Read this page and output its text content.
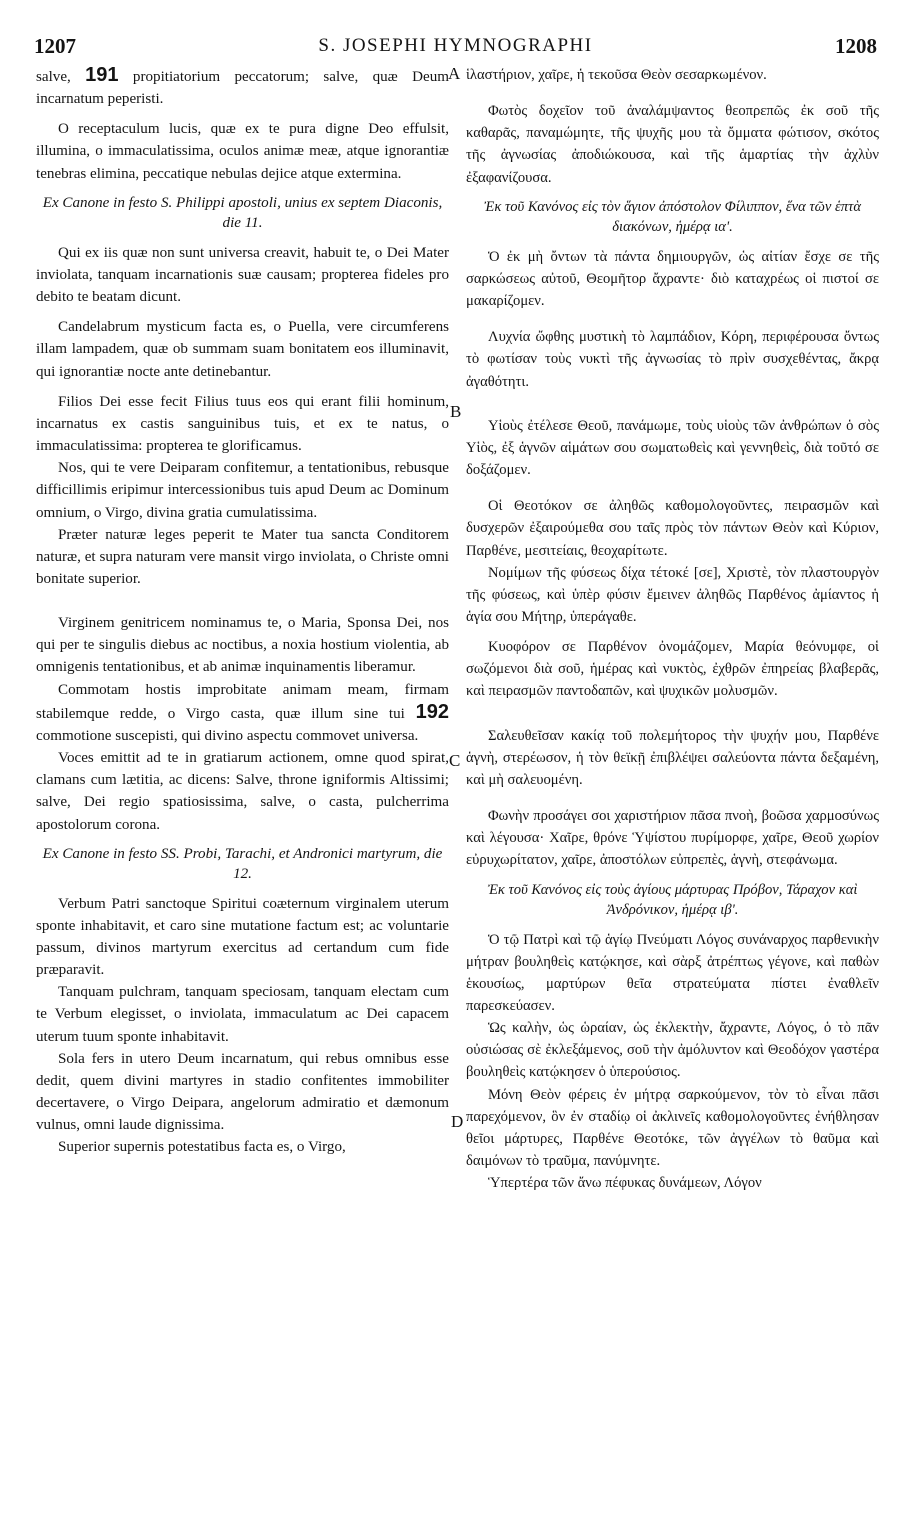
1207	S. JOSEPHI HYMNOGRAPHI	1208
A
B
C
D

salve, 191 propitiatorium peccatorum; salve, quæ Deum incarnatum peperisti.

O receptaculum lucis, quæ ex te pura digne Deo effulsit, illumina, o immaculatissima, oculos animæ meæ, atque ignorantiæ tenebras elimina, peccatique nebulas dejice atque extermina.

Ex Canone in festo S. Philippi apostoli, unius ex septem Diaconis, die 11.

Qui ex iis quæ non sunt universa creavit, habuit te, o Dei Mater inviolata, tanquam incarnationis suæ causam; propterea fideles pro debito te beatam dicunt.

Candelabrum mysticum facta es, o Puella, vere circumferens illam lampadem, quæ ob summam suam bonitatem eos illuminavit, qui ignorantiæ nocte ante detinebantur.

Filios Dei esse fecit Filius tuus eos qui erant filii hominum, incarnatus ex castis sanguinibus tuis, et ex te natus, o immaculatissima: propterea te glorificamus.

Nos, qui te vere Deiparam confitemur, a tentationibus, rebusque difficillimis eripimur intercessionibus tuis apud Deum ac Dominum omnium, o Virgo, divina gratia cumulatissima.

Præter naturæ leges peperit te Mater tua sancta Conditorem naturæ, et supra naturam vere mansit virgo inviolata, o Christe omni bonitate superior.

Virginem genitricem nominamus te, o Maria, Sponsa Dei, nos qui per te singulis diebus ac noctibus, a noxia hostium violentia, ab omnigenis tentationibus, et ab animæ inquinamentis liberamur.

Commotam hostis improbitate animam meam, firmam stabilemque redde, o Virgo casta, quæ illum sine tui 192 commotione suscepisti, qui divino aspectu commovet universa.

Voces emittit ad te in gratiarum actionem, omne quod spirat, clamans cum lætitia, ac dicens: Salve, throne igniformis Altissimi; salve, Dei regio spatiosissima, salve, o casta, pulcherrima apostolorum corona.

Ex Canone in festo SS. Probi, Tarachi, et Andronici martyrum, die 12.

Verbum Patri sanctoque Spiritui coæternum virginalem uterum sponte inhabitavit, et caro sine mutatione factum est; ac voluntarie passum, divinos martyrum exercitus ad certandum cum fide præparavit.

Tanquam pulchram, tanquam speciosam, tanquam electam cum te Verbum elegisset, o inviolata, immaculatum ac Dei capacem uterum tuum sponte inhabitavit.

Sola fers in utero Deum incarnatum, qui rebus omnibus esse dedit, quem divini martyres in stadio confitentes immobiliter decertavere, o Virgo Deipara, angelorum admiratio et dæmonum vulnus, omni laude dignissima.

Superior supernis potestatibus facta es, o Virgo,

ἱλαστήριον, χαῖρε, ἡ τεκοῦσα Θεὸν σεσαρκωμένον.

Φωτὸς δοχεῖον τοῦ ἀναλάμψαντος θεοπρεπῶς ἐκ σοῦ τῆς καθαρᾶς, παναμώμητε, τῆς ψυχῆς μου τὰ ὄμματα φώτισον, σκότος τῆς ἀγνωσίας ἀποδιώκουσα, καὶ τῆς ἁμαρτίας τὴν ἀχλὺν ἐξαφανίζουσα.

Ἐκ τοῦ Κανόνος εἰς τὸν ἅγιον ἀπόστολον Φίλιππον, ἕνα τῶν ἑπτὰ διακόνων, ἡμέρᾳ ια'.

Ὁ ἐκ μὴ ὄντων τὰ πάντα δημιουργῶν, ὡς αἰτίαν ἔσχε σε τῆς σαρκώσεως αὐτοῦ, Θεομῆτορ ἄχραντε· διὸ καταχρέως οἱ πιστοί σε μακαρίζομεν.

Λυχνία ὤφθης μυστικὴ τὸ λαμπάδιον, Κόρη, περιφέρουσα ὄντως τὸ φωτίσαν τοὺς νυκτὶ τῆς ἀγνωσίας τὸ πρὶν συσχεθέντας, ἄκρᾳ ἀγαθότητι.

Υἱοὺς ἐτέλεσε Θεοῦ, πανάμωμε, τοὺς υἱοὺς τῶν ἀνθρώπων ὁ σὸς Υἱὸς, ἐξ ἁγνῶν αἱμάτων σου σωματωθεὶς καὶ γεννηθεὶς, διὰ τοῦτό σε δοξάζομεν.

Οἱ Θεοτόκον σε ἀληθῶς καθομολογοῦντες, πειρασμῶν καὶ δυσχερῶν ἐξαιρούμεθα σου ταῖς πρὸς τὸν πάντων Θεὸν καὶ Κύριον, Παρθένε, μεσιτείαις, θεοχαρίτωτε.

Νομίμων τῆς φύσεως δίχα τέτοκέ [σε], Χριστὲ, τὸν πλαστουργὸν τῆς φύσεως, καὶ ὑπὲρ φύσιν ἔμεινεν ἀληθῶς Παρθένος ἀμίαντος ἡ ἁγία σου Μήτηρ, ὑπεράγαθε.

Κυοφόρον σε Παρθένον ὀνομάζομεν, Μαρία θεόνυμφε, οἱ σωζόμενοι διὰ σοῦ, ἡμέρας καὶ νυκτὸς, ἐχθρῶν ἐπηρείας βλαβερᾶς, καὶ πειρασμῶν παντοδαπῶν, καὶ ψυχικῶν μολυσμῶν.

Σαλευθεῖσαν κακίᾳ τοῦ πολεμήτορος τὴν ψυχήν μου, Παρθένε ἁγνὴ, στερέωσον, ἡ τὸν θεϊκῇ ἐπιβλέψει σαλεύοντα πάντα δεξαμένη, καὶ μὴ σαλευομένη.

Φωνὴν προσάγει σοι χαριστήριον πᾶσα πνοὴ, βοῶσα χαρμοσύνως καὶ λέγουσα· Χαῖρε, θρόνε Ὑψίστου πυρίμορφε, χαῖρε, Θεοῦ χωρίον εὐρυχωρίτατον, χαῖρε, ἀποστόλων εὐπρεπὲς, ἁγνὴ, στεφάνωμα.

Ἐκ τοῦ Κανόνος εἰς τοὺς ἁγίους μάρτυρας Πρόβον, Τάραχον καὶ Ἀνδρόνικον, ἡμέρᾳ ιβ'.

Ὁ τῷ Πατρὶ καὶ τῷ ἁγίῳ Πνεύματι Λόγος συνάναρχος παρθενικὴν μήτραν βουληθεὶς κατῴκησε, καὶ σὰρξ ἀτρέπτως γέγονε, καὶ παθὼν ἑκουσίως, μαρτύρων θεῖα στρατεύματα πίστει ἐναθλεῖν παρεσκεύασεν.

Ὡς καλὴν, ὡς ὡραίαν, ὡς ἐκλεκτὴν, ἄχραντε, Λόγος, ὁ τὸ πᾶν οὐσιώσας σὲ ἐκλεξάμενος, σοῦ τὴν ἀμόλυντον καὶ Θεοδόχον γαστέρα βουληθεὶς κατῴκησεν ὁ ὑπερούσιος.

Μόνη Θεὸν φέρεις ἐν μήτρᾳ σαρκούμενον, τὸν τὸ εἶναι πᾶσι παρεχόμενον, ὃν ἐν σταδίῳ οἱ ἀκλινεῖς καθομολογοῦντες ἐνήθλησαν θεῖοι μάρτυρες, Παρθένε Θεοτόκε, τῶν ἀγγέλων τὸ θαῦμα καὶ δαιμόνων τὸ τραῦμα, πανύμνητε.

Ὑπερτέρα τῶν ἄνω πέφυκας δυνάμεων, Λόγον
